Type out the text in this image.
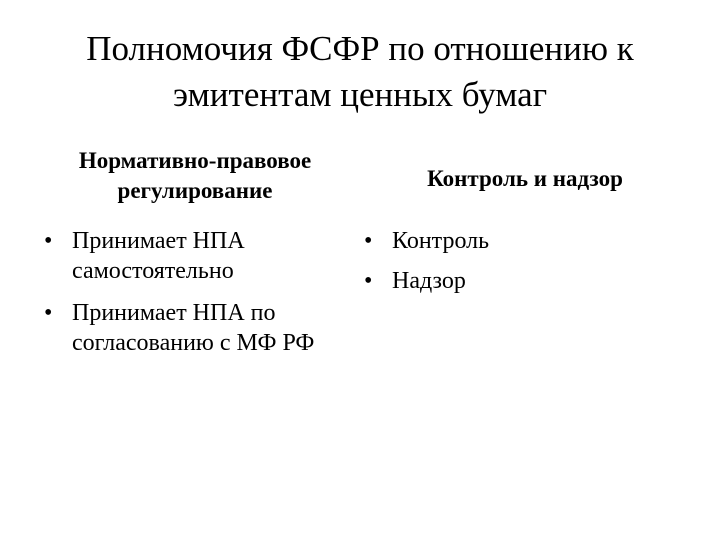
Полномочия ФСФР по отношению к
эмитентам ценных бумаг
Нормативно-правовое
регулирование
• Принимает НПА самостоятельно
• Принимает НПА по согласованию с МФ РФ
Контроль и надзор
• Контроль
• Надзор
